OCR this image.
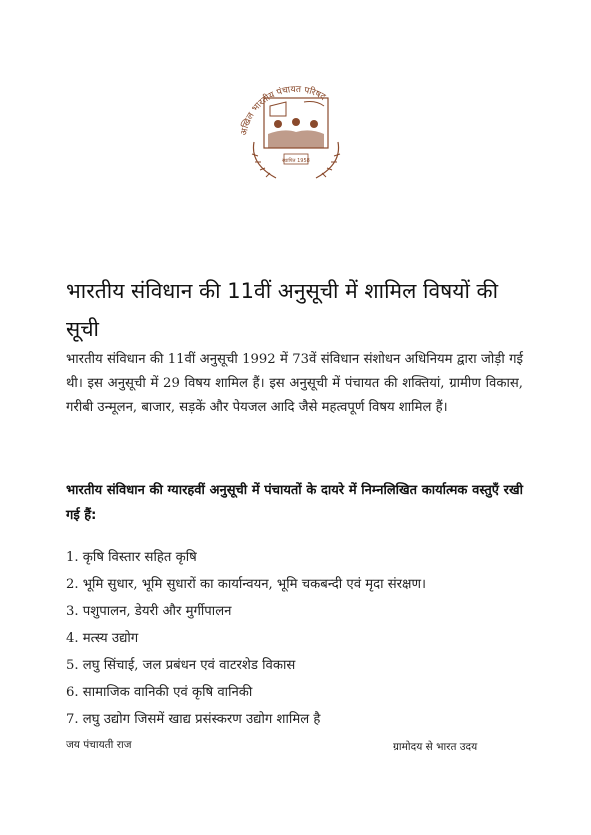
अखिल भारतीय पंचायत परिषद
स्थापित 1958
भारतीय संविधान की 11वीं अनुसूची में शामिल विषयों की सूची

भारतीय संविधान की 11वीं अनुसूची 1992 में 73वें संविधान संशोधन अधिनियम द्वारा जोड़ी गई थी। इस अनुसूची में 29 विषय शामिल हैं। इस अनुसूची में पंचायत की शक्तियां, ग्रामीण विकास, गरीबी उन्मूलन, बाजार, सड़कें और पेयजल आदि जैसे महत्वपूर्ण विषय शामिल हैं।

भारतीय संविधान की ग्यारहवीं अनुसूची में पंचायतों के दायरे में निम्नलिखित कार्यात्मक वस्तुएँ रखी गई हैं:

1. कृषि विस्तार सहित कृषि
2. भूमि सुधार, भूमि सुधारों का कार्यान्वयन, भूमि चकबन्दी एवं मृदा संरक्षण।
3. पशुपालन, डेयरी और मुर्गीपालन
4. मत्स्य उद्योग
5. लघु सिंचाई, जल प्रबंधन एवं वाटरशेड विकास
6. सामाजिक वानिकी एवं कृषि वानिकी
7. लघु उद्योग जिसमें खाद्य प्रसंस्करण उद्योग शामिल है
जय पंचायती राज	ग्रामोदय से भारत उदय
